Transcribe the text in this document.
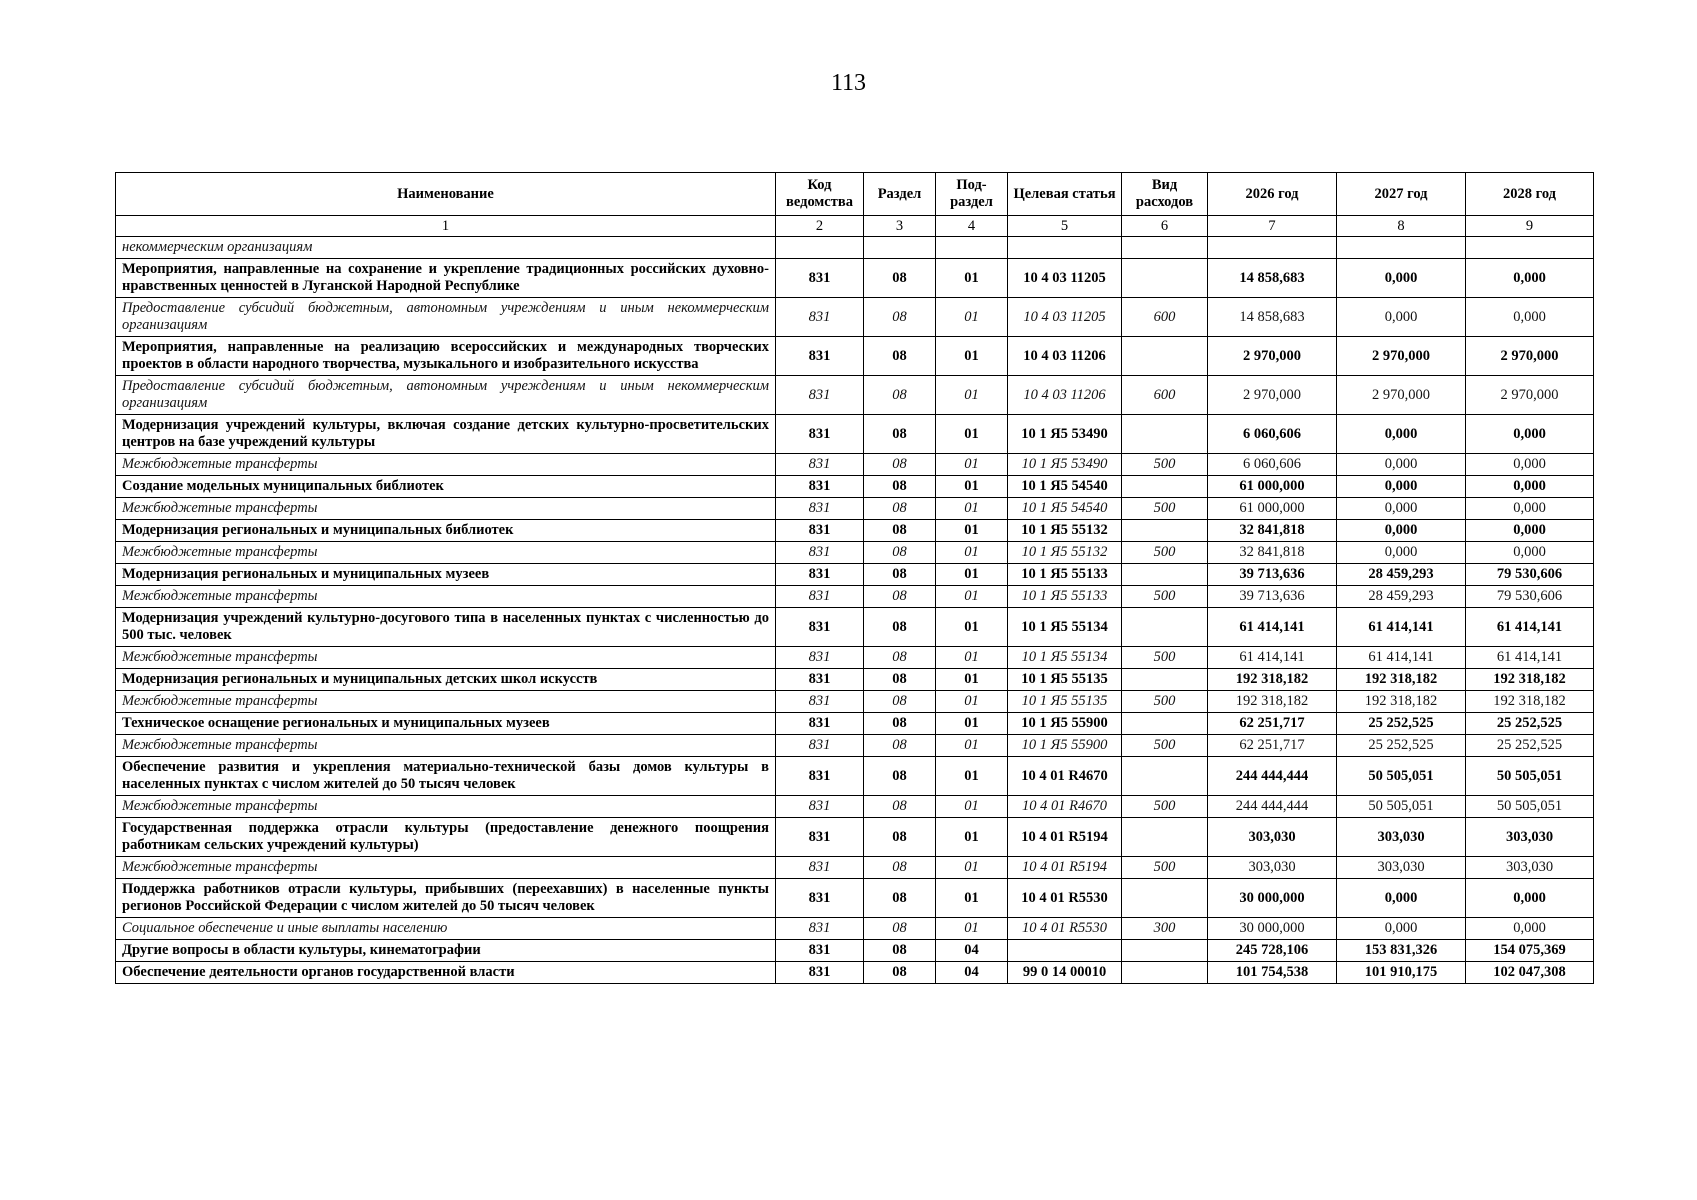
113
Наименование	Код ведомства	Раздел	Под-раздел	Целевая статья	Вид расходов	2026 год	2027 год	2028 год
1	2	3	4	5	6	7	8	9
некоммерческим организациям								
Мероприятия, направленные на сохранение и укрепление традиционных российских духовно-нравственных ценностей в Луганской Народной Республике	831	08	01	10 4 03 11205		14 858,683	0,000	0,000
Предоставление субсидий бюджетным, автономным учреждениям и иным некоммерческим организациям	831	08	01	10 4 03 11205	600	14 858,683	0,000	0,000
Мероприятия, направленные на реализацию всероссийских и международных творческих проектов в области народного творчества, музыкального и изобразительного искусства	831	08	01	10 4 03 11206		2 970,000	2 970,000	2 970,000
Предоставление субсидий бюджетным, автономным учреждениям и иным некоммерческим организациям	831	08	01	10 4 03 11206	600	2 970,000	2 970,000	2 970,000
Модернизация учреждений культуры, включая создание детских культурно-просветительских центров на базе учреждений культуры	831	08	01	10 1 Я5 53490		6 060,606	0,000	0,000
Межбюджетные трансферты	831	08	01	10 1 Я5 53490	500	6 060,606	0,000	0,000
Создание модельных муниципальных библиотек	831	08	01	10 1 Я5 54540		61 000,000	0,000	0,000
Межбюджетные трансферты	831	08	01	10 1 Я5 54540	500	61 000,000	0,000	0,000
Модернизация региональных и муниципальных библиотек	831	08	01	10 1 Я5 55132		32 841,818	0,000	0,000
Межбюджетные трансферты	831	08	01	10 1 Я5 55132	500	32 841,818	0,000	0,000
Модернизация региональных и муниципальных музеев	831	08	01	10 1 Я5 55133		39 713,636	28 459,293	79 530,606
Межбюджетные трансферты	831	08	01	10 1 Я5 55133	500	39 713,636	28 459,293	79 530,606
Модернизация учреждений культурно-досугового типа в населенных пунктах с численностью до 500 тыс. человек	831	08	01	10 1 Я5 55134		61 414,141	61 414,141	61 414,141
Межбюджетные трансферты	831	08	01	10 1 Я5 55134	500	61 414,141	61 414,141	61 414,141
Модернизация региональных и муниципальных детских школ искусств	831	08	01	10 1 Я5 55135		192 318,182	192 318,182	192 318,182
Межбюджетные трансферты	831	08	01	10 1 Я5 55135	500	192 318,182	192 318,182	192 318,182
Техническое оснащение региональных и муниципальных музеев	831	08	01	10 1 Я5 55900		62 251,717	25 252,525	25 252,525
Межбюджетные трансферты	831	08	01	10 1 Я5 55900	500	62 251,717	25 252,525	25 252,525
Обеспечение развития и укрепления материально-технической базы домов культуры в населенных пунктах с числом жителей до 50 тысяч человек	831	08	01	10 4 01 R4670		244 444,444	50 505,051	50 505,051
Межбюджетные трансферты	831	08	01	10 4 01 R4670	500	244 444,444	50 505,051	50 505,051
Государственная поддержка отрасли культуры (предоставление денежного поощрения работникам сельских учреждений культуры)	831	08	01	10 4 01 R5194		303,030	303,030	303,030
Межбюджетные трансферты	831	08	01	10 4 01 R5194	500	303,030	303,030	303,030
Поддержка работников отрасли культуры, прибывших (переехавших) в населенные пункты регионов Российской Федерации с числом жителей до 50 тысяч человек	831	08	01	10 4 01 R5530		30 000,000	0,000	0,000
Социальное обеспечение и иные выплаты населению	831	08	01	10 4 01 R5530	300	30 000,000	0,000	0,000
Другие вопросы в области культуры, кинематографии	831	08	04			245 728,106	153 831,326	154 075,369
Обеспечение деятельности органов государственной власти	831	08	04	99 0 14 00010		101 754,538	101 910,175	102 047,308
